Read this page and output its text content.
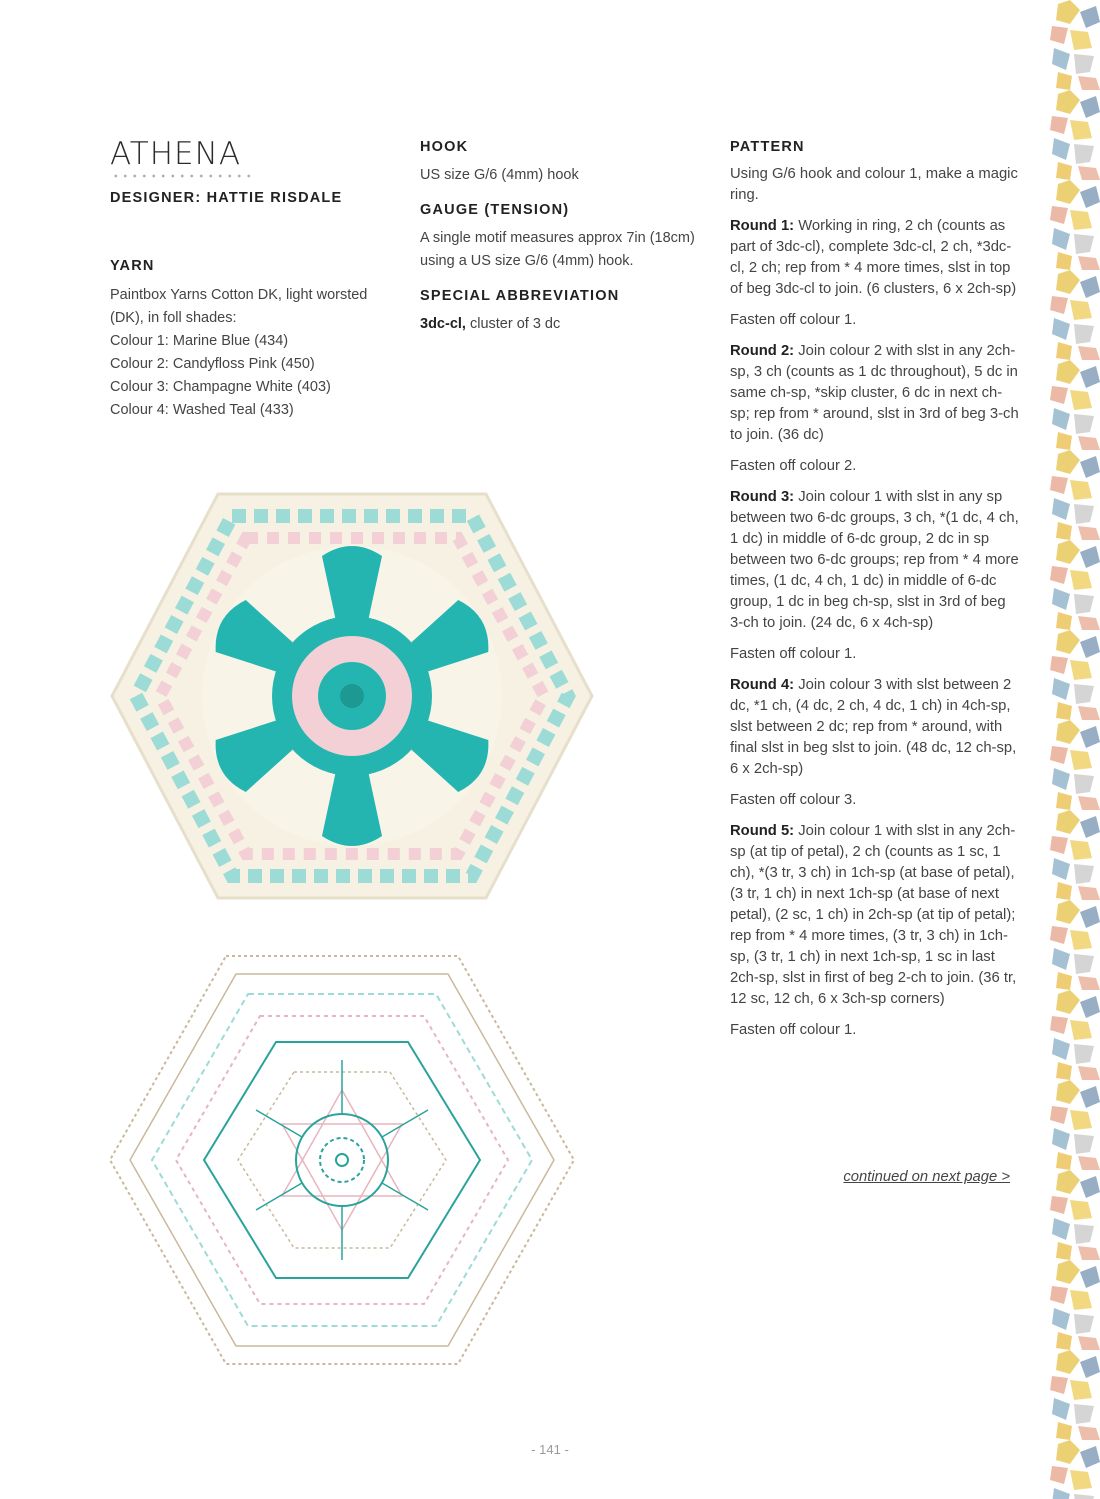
ATHENA

DESIGNER: HATTIE RISDALE

YARN

Paintbox Yarns Cotton DK, light worsted (DK), in foll shades:

Colour 1: Marine Blue (434)

Colour 2: Candyfloss Pink (450)

Colour 3: Champagne White (403)

Colour 4: Washed Teal (433)

HOOK

US size G/6 (4mm) hook

GAUGE (TENSION)

A single motif measures approx 7in (18cm) using a US size G/6 (4mm) hook.

SPECIAL ABBREVIATION

3dc-cl, cluster of 3 dc

PATTERN

Using G/6 hook and colour 1, make a magic ring.

Round 1: Working in ring, 2 ch (counts as part of 3dc-cl), complete 3dc-cl, 2 ch, *3dc-cl, 2 ch; rep from * 4 more times, slst in top of beg 3dc-cl to join. (6 clusters, 6 x 2ch-sp)

Fasten off colour 1.

Round 2: Join colour 2 with slst in any 2ch-sp, 3 ch (counts as 1 dc throughout), 5 dc in same ch-sp, *skip cluster, 6 dc in next ch-sp; rep from * around, slst in 3rd of beg 3-ch to join. (36 dc)

Fasten off colour 2.

Round 3: Join colour 1 with slst in any sp between two 6-dc groups, 3 ch, *(1 dc, 4 ch, 1 dc) in middle of 6-dc group, 2 dc in sp between two 6-dc groups; rep from * 4 more times, (1 dc, 4 ch, 1 dc) in middle of 6-dc group, 1 dc in beg ch-sp, slst in 3rd of beg 3-ch to join. (24 dc, 6 x 4ch-sp)

Fasten off colour 1.

Round 4: Join colour 3 with slst between 2 dc, *1 ch, (4 dc, 2 ch, 4 dc, 1 ch) in 4ch-sp, slst between 2 dc; rep from * around, with final slst in beg slst to join. (48 dc, 12 ch-sp, 6 x 2ch-sp)

Fasten off colour 3.

Round 5: Join colour 1 with slst in any 2ch-sp (at tip of petal), 2 ch (counts as 1 sc, 1 ch), *(3 tr, 3 ch) in 1ch-sp (at base of petal), (3 tr, 1 ch) in next 1ch-sp (at base of next petal), (2 sc, 1 ch) in 2ch-sp (at tip of petal); rep from * 4 more times, (3 tr, 3 ch) in 1ch-sp, (3 tr, 1 ch) in next 1ch-sp, 1 sc in last 2ch-sp, slst in first of beg 2-ch to join. (36 tr, 12 sc, 12 ch, 6 x 3ch-sp corners)

Fasten off colour 1.

continued on next page >
- 141 -
